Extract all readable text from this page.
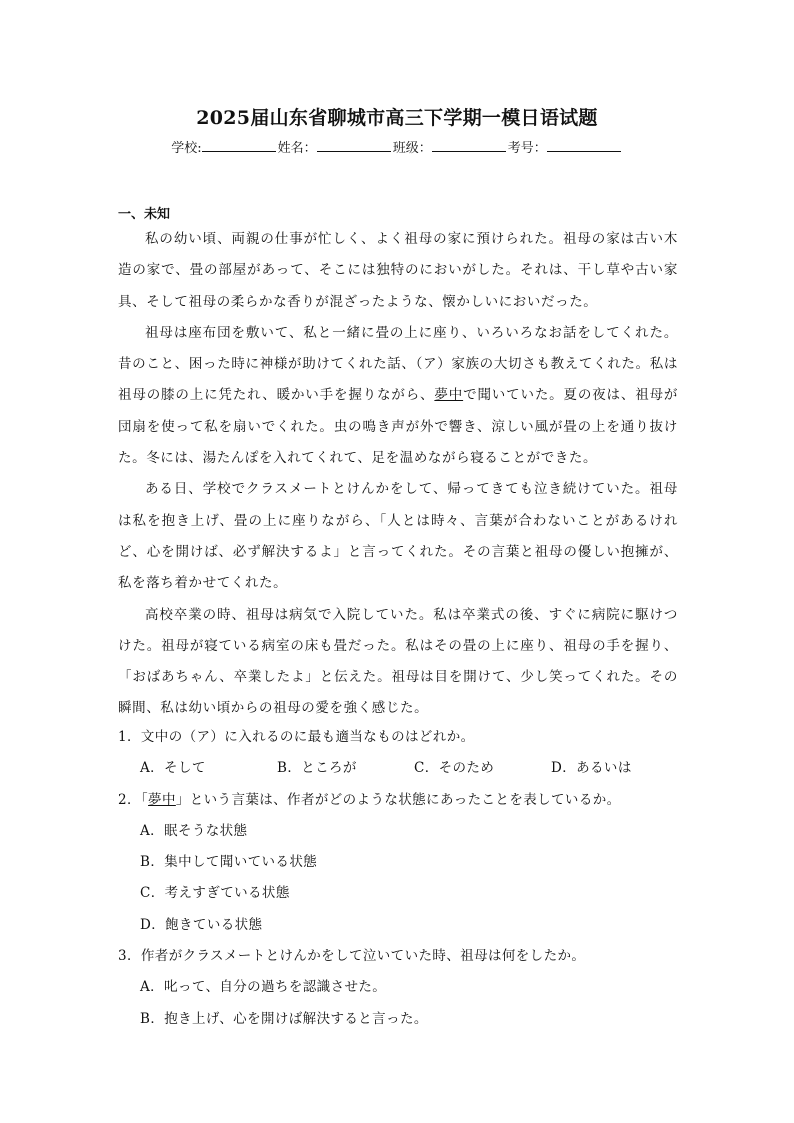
2025届山东省聊城市高三下学期一模日语试题
学校:	姓名：	班级：	考号：
一、未知

私の幼い頃、両親の仕事が忙しく、よく祖母の家に預けられた。祖母の家は古い木造の家で、畳の部屋があって、そこには独特のにおいがした。それは、干し草や古い家具、そして祖母の柔らかな香りが混ざったような、懐かしいにおいだった。

祖母は座布団を敷いて、私と一緒に畳の上に座り、いろいろなお話をしてくれた。昔のこと、困った時に神様が助けてくれた話、（ア）家族の大切さも教えてくれた。私は祖母の膝の上に凭たれ、暖かい手を握りながら、夢中で聞いていた。夏の夜は、祖母が団扇を使って私を扇いでくれた。虫の鳴き声が外で響き、涼しい風が畳の上を通り抜けた。冬には、湯たんぽを入れてくれて、足を温めながら寝ることができた。

ある日、学校でクラスメートとけんかをして、帰ってきても泣き続けていた。祖母は私を抱き上げ、畳の上に座りながら、「人とは時々、言葉が合わないことがあるけれど、心を開けば、必ず解決するよ」と言ってくれた。その言葉と祖母の優しい抱擁が、私を落ち着かせてくれた。

高校卒業の時、祖母は病気で入院していた。私は卒業式の後、すぐに病院に駆けつけた。祖母が寝ている病室の床も畳だった。私はその畳の上に座り、祖母の手を握り、「おばあちゃん、卒業したよ」と伝えた。祖母は目を開けて、少し笑ってくれた。その瞬間、私は幼い頃からの祖母の愛を強く感じた。

1．文中の（ア）に入れるのに最も適当なものはどれか。

A．そして	B．ところが	C．そのため	D．あるいは

2．「夢中」という言葉は、作者がどのような状態にあったことを表しているか。

A．眠そうな状態

B．集中して聞いている状態

C．考えすぎている状態

D．飽きている状態

3．作者がクラスメートとけんかをして泣いていた時、祖母は何をしたか。

A．叱って、自分の過ちを認識させた。

B．抱き上げ、心を開けば解決すると言った。
